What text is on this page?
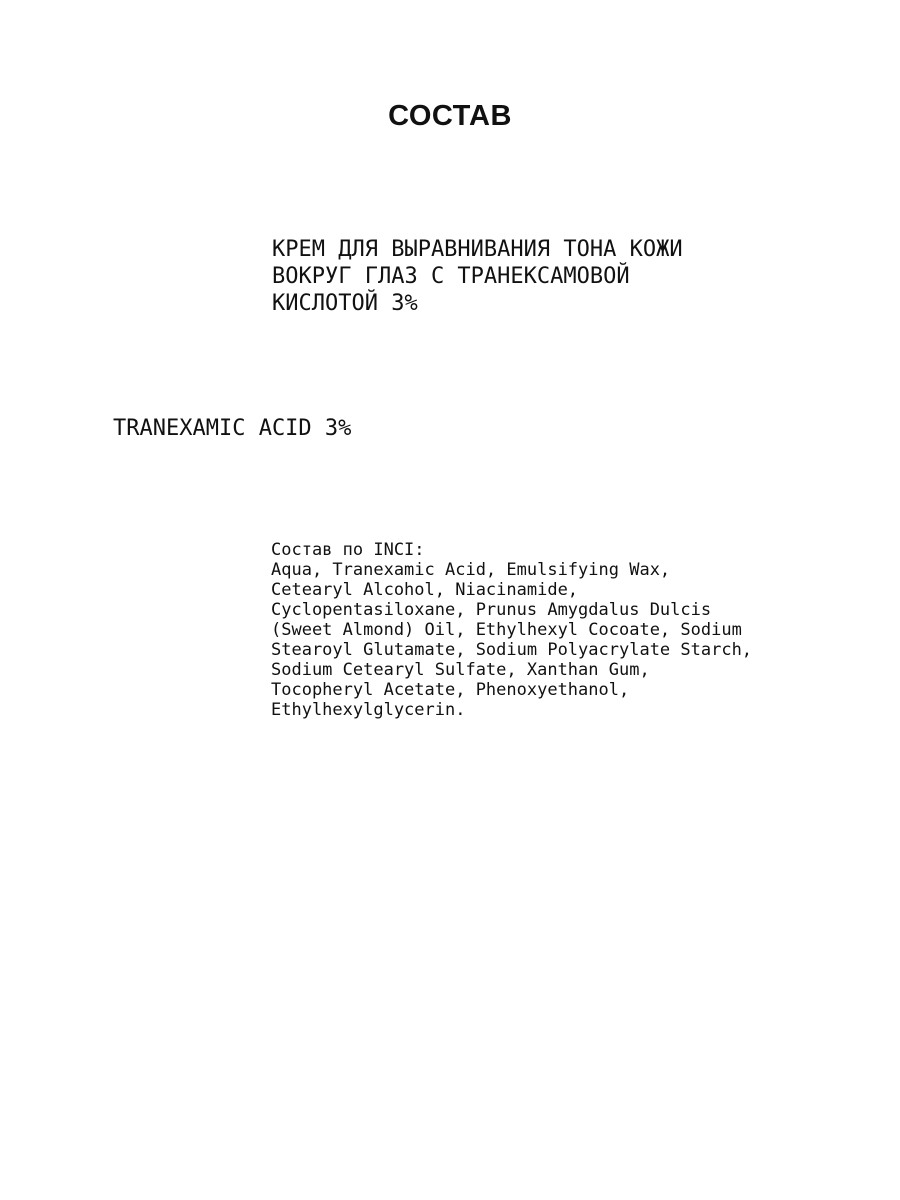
СОСТАВ
КРЕМ ДЛЯ ВЫРАВНИВАНИЯ ТОНА КОЖИ
ВОКРУГ ГЛАЗ С ТРАНЕКСАМОВОЙ
КИСЛОТОЙ 3%
TRANEXAMIC ACID 3%
Состав по INCI:
Aqua, Tranexamic Acid, Emulsifying Wax,
Cetearyl Alcohol, Niacinamide,
Cyclopentasiloxane, Prunus Amygdalus Dulcis
(Sweet Almond) Oil, Ethylhexyl Cocoate, Sodium
Stearoyl Glutamate, Sodium Polyacrylate Starch,
Sodium Cetearyl Sulfate, Xanthan Gum,
Tocopheryl Acetate, Phenoxyethanol,
Ethylhexylglycerin.
